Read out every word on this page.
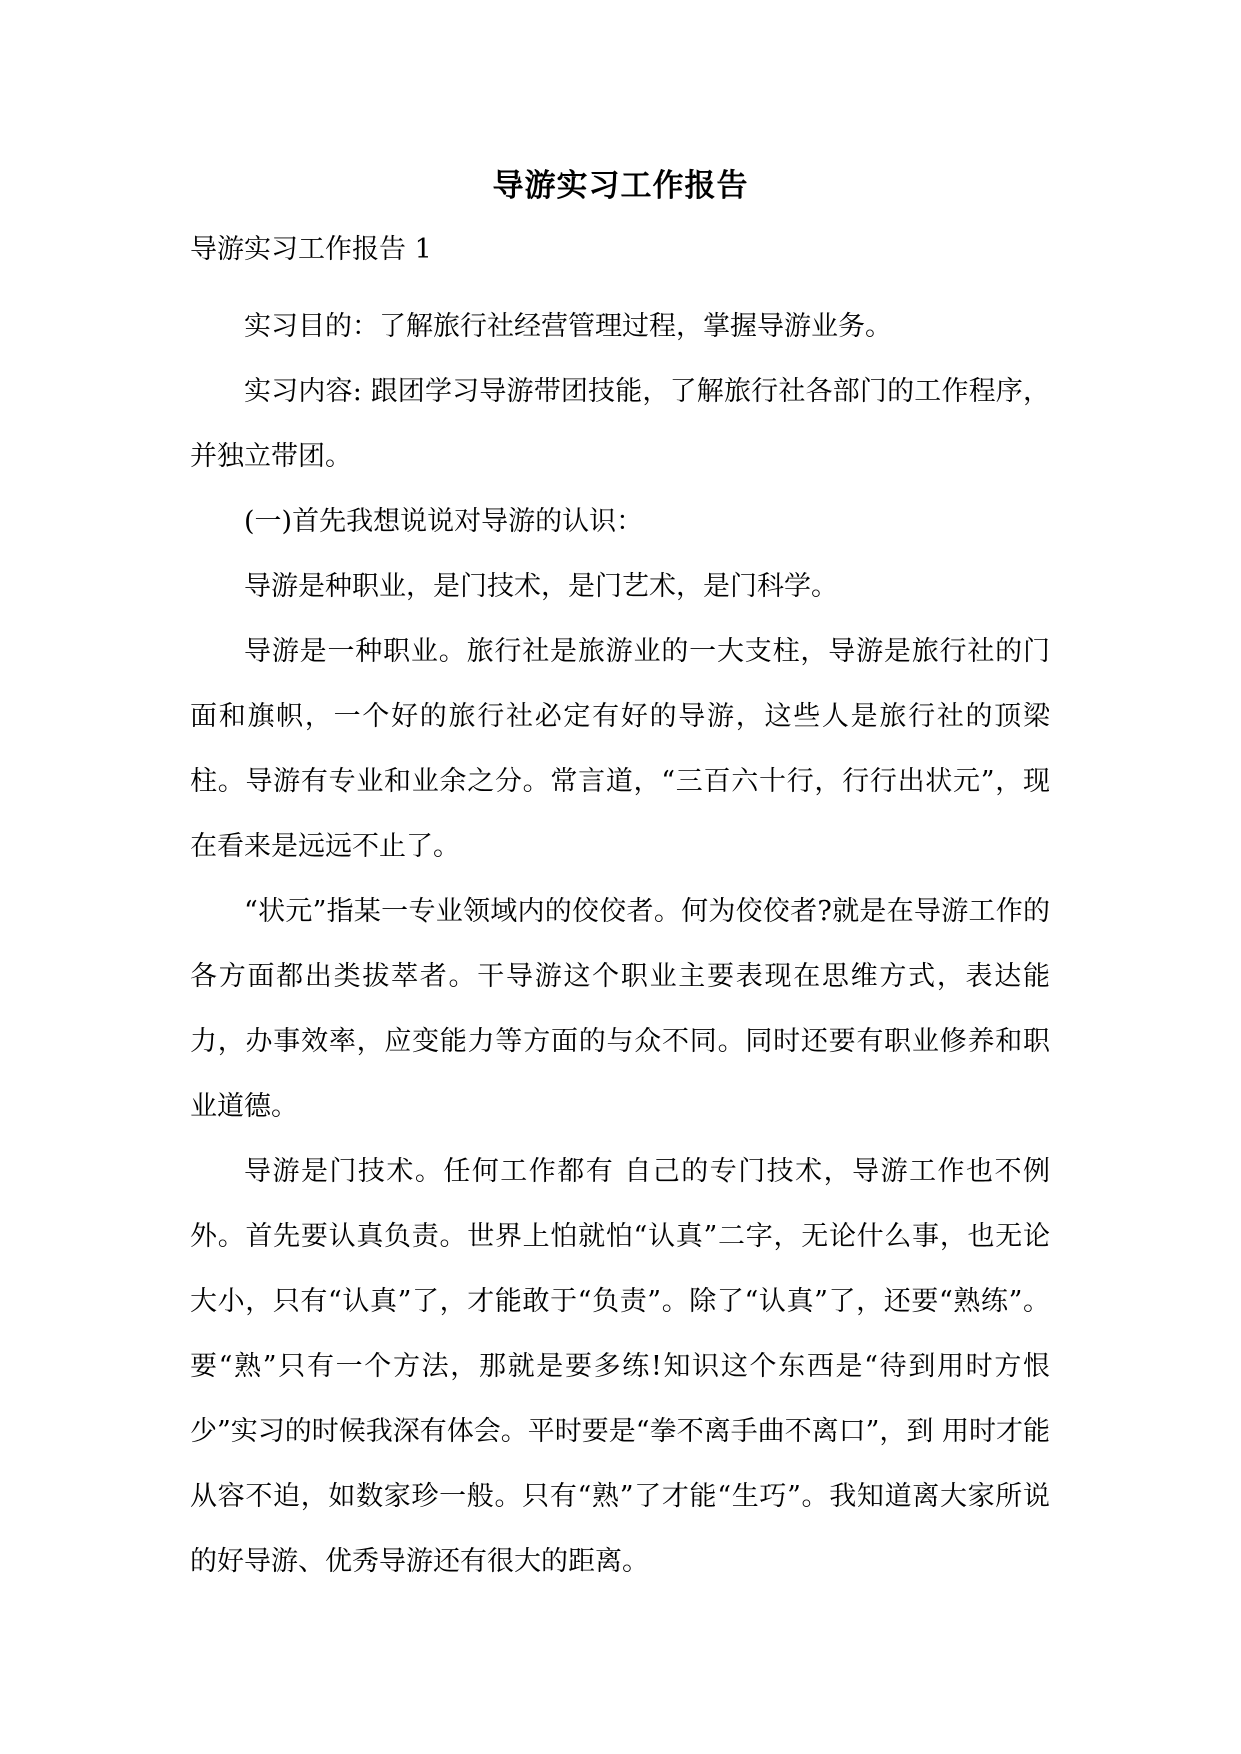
导游实习工作报告
导游实习工作报告 1

实习目的：了解旅行社经营管理过程，掌握导游业务。

实习内容: 跟团学习导游带团技能，了解旅行社各部门的工作程序，并独立带团。

(一)首先我想说说对导游的认识：

导游是种职业，是门技术，是门艺术，是门科学。

导游是一种职业。旅行社是旅游业的一大支柱，导游是旅行社的门面和旗帜，一个好的旅行社必定有好的导游，这些人是旅行社的顶梁柱。导游有专业和业余之分。常言道，“三百六十行，行行出状元”，现在看来是远远不止了。

“状元”指某一专业领域内的佼佼者。何为佼佼者?就是在导游工作的各方面都出类拔萃者。干导游这个职业主要表现在思维方式，表达能力，办事效率，应变能力等方面的与众不同。同时还要有职业修养和职业道德。

导游是门技术。任何工作都有 自己的专门技术，导游工作也不例外。首先要认真负责。世界上怕就怕“认真”二字，无论什么事，也无论大小，只有“认真”了，才能敢于“负责”。除了“认真”了，还要“熟练”。要“熟”只有一个方法，那就是要多练!知识这个东西是“待到用时方恨少”实习的时候我深有体会。平时要是“拳不离手曲不离口”，到 用时才能从容不迫，如数家珍一般。只有“熟”了才能“生巧”。我知道离大家所说的好导游、优秀导游还有很大的距离。
